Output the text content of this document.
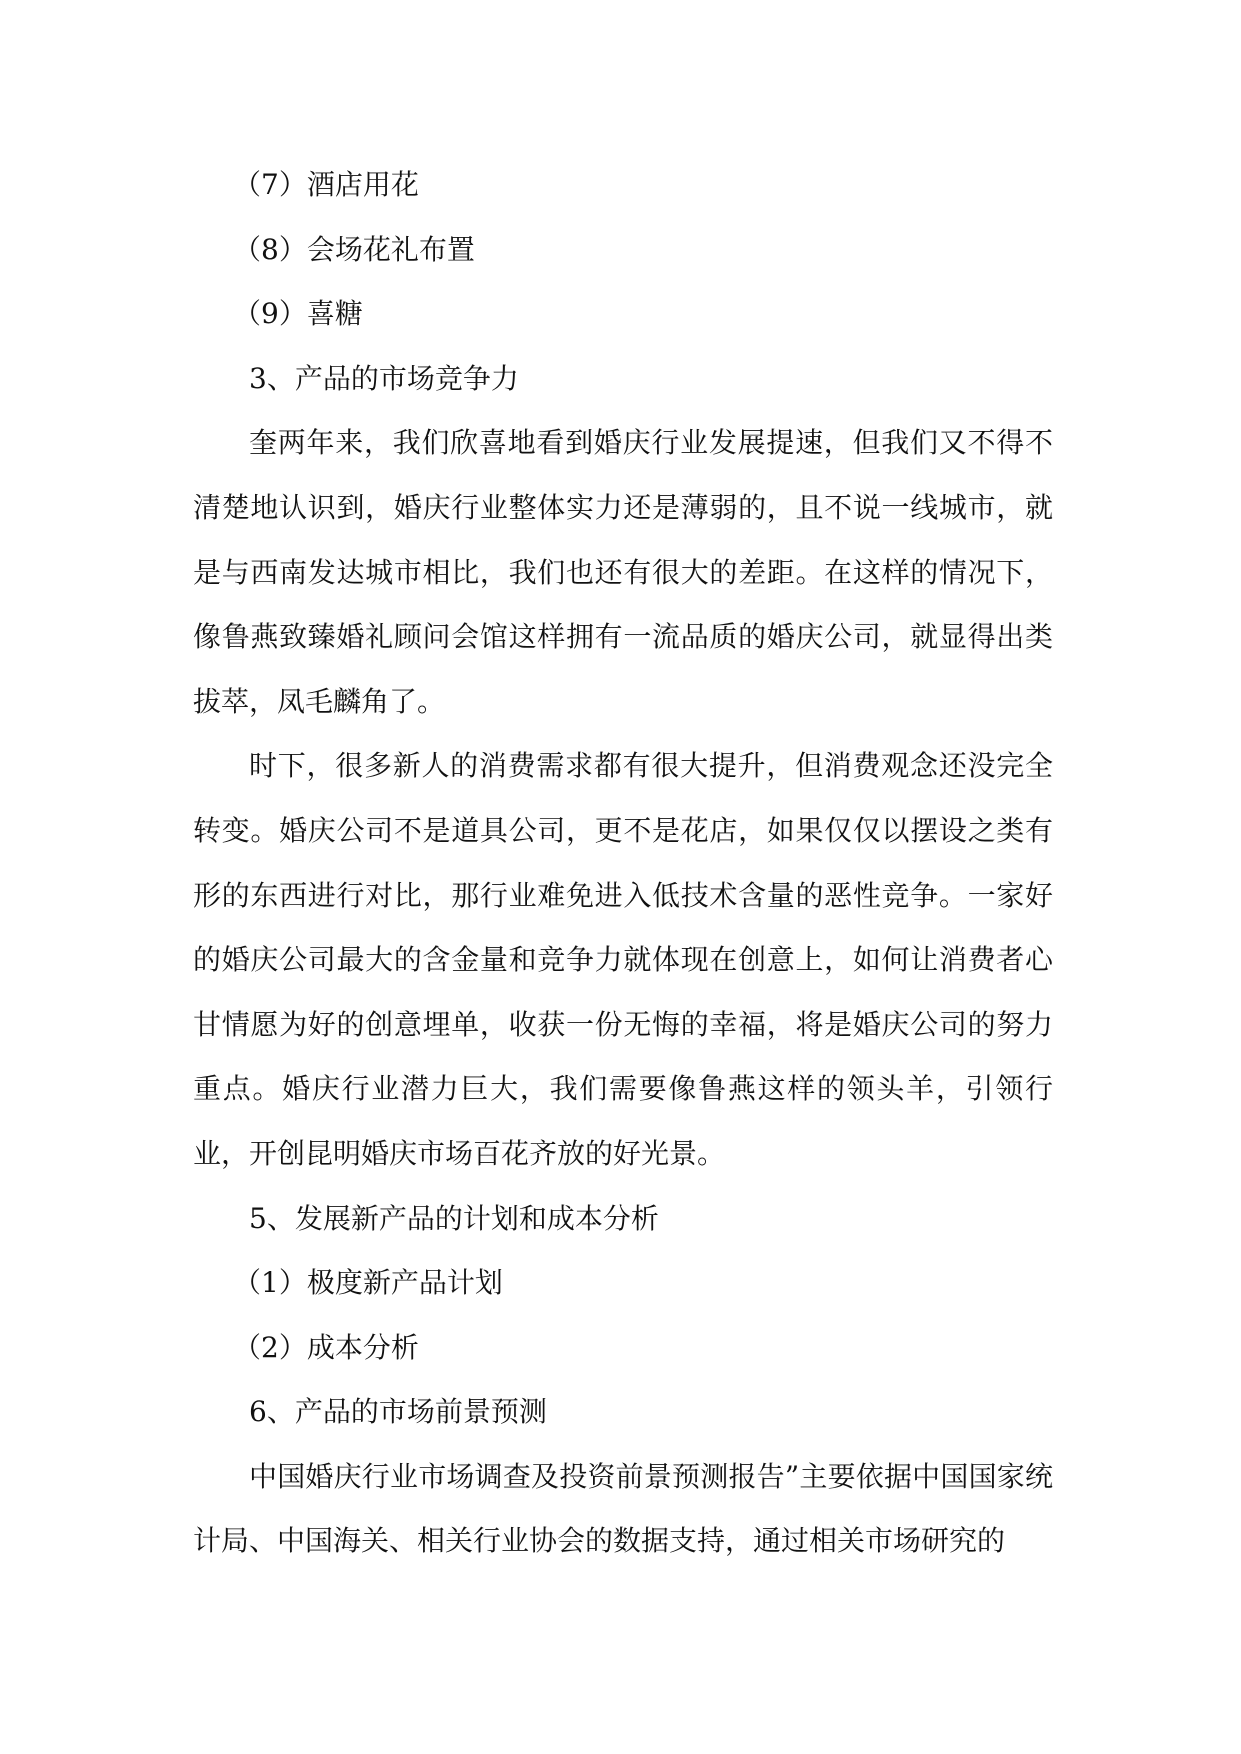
（7）酒店用花

（8）会场花礼布置

（9）喜糖

3、产品的市场竞争力

奎两年来，我们欣喜地看到婚庆行业发展提速，但我们又不得不清楚地认识到，婚庆行业整体实力还是薄弱的，且不说一线城市，就是与西南发达城市相比，我们也还有很大的差距。在这样的情况下，像鲁燕致臻婚礼顾问会馆这样拥有一流品质的婚庆公司，就显得出类拔萃，凤毛麟角了。

时下，很多新人的消费需求都有很大提升，但消费观念还没完全转变。婚庆公司不是道具公司，更不是花店，如果仅仅以摆设之类有形的东西进行对比，那行业难免进入低技术含量的恶性竞争。一家好的婚庆公司最大的含金量和竞争力就体现在创意上，如何让消费者心甘情愿为好的创意埋单，收获一份无悔的幸福，将是婚庆公司的努力重点。婚庆行业潜力巨大，我们需要像鲁燕这样的领头羊，引领行业，开创昆明婚庆市场百花齐放的好光景。

5、发展新产品的计划和成本分析

（1）极度新产品计划

（2）成本分析

6、产品的市场前景预测

中国婚庆行业市场调查及投资前景预测报告”主要依据中国国家统计局、中国海关、相关行业协会的数据支持，通过相关市场研究的
